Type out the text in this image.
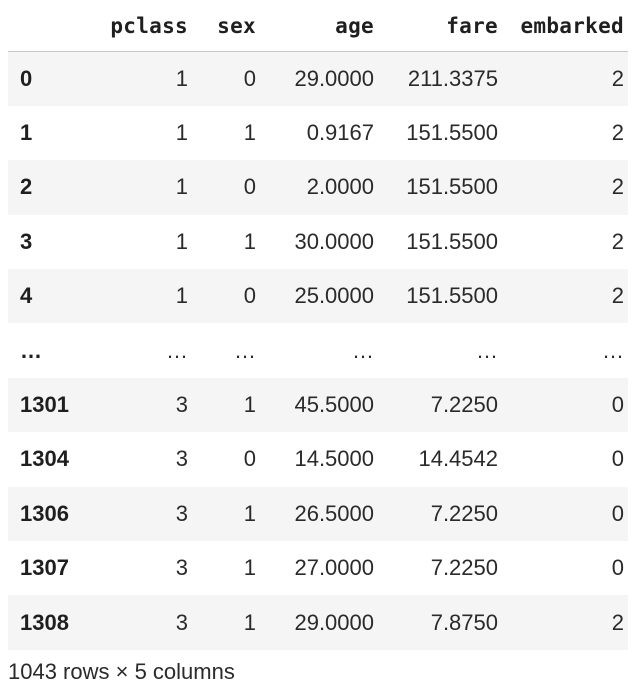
	pclass	sex	age	fare	embarked
0	1	0	29.0000	211.3375	2
1	1	1	0.9167	151.5500	2
2	1	0	2.0000	151.5500	2
3	1	1	30.0000	151.5500	2
4	1	0	25.0000	151.5500	2
…	…	…	…	…	…
1301	3	1	45.5000	7.2250	0
1304	3	0	14.5000	14.4542	0
1306	3	1	26.5000	7.2250	0
1307	3	1	27.0000	7.2250	0
1308	3	1	29.0000	7.8750	2
1043 rows × 5 columns
